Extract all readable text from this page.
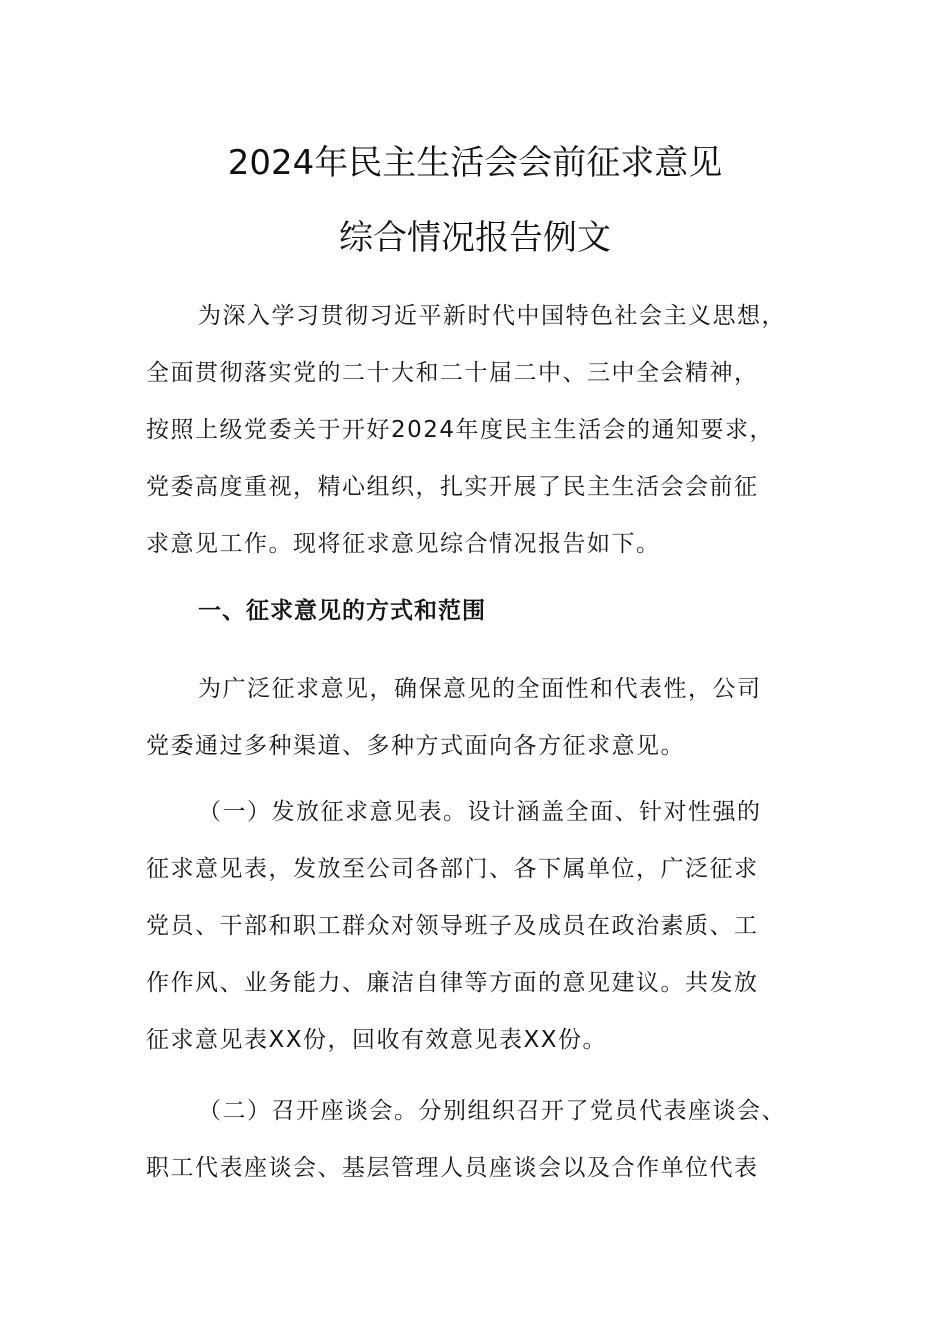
2024年民主生活会会前征求意见
综合情况报告例文
为深入学习贯彻习近平新时代中国特色社会主义思想，
全面贯彻落实党的二十大和二十届二中、三中全会精神，
按照上级党委关于开好2024年度民主生活会的通知要求，
党委高度重视，精心组织，扎实开展了民主生活会会前征
求意见工作。现将征求意见综合情况报告如下。
一、征求意见的方式和范围
为广泛征求意见，确保意见的全面性和代表性，公司
党委通过多种渠道、多种方式面向各方征求意见。
（一）发放征求意见表。设计涵盖全面、针对性强的
征求意见表，发放至公司各部门、各下属单位，广泛征求
党员、干部和职工群众对领导班子及成员在政治素质、工
作作风、业务能力、廉洁自律等方面的意见建议。共发放
征求意见表XX份，回收有效意见表XX份。
（二）召开座谈会。分别组织召开了党员代表座谈会、
职工代表座谈会、基层管理人员座谈会以及合作单位代表
